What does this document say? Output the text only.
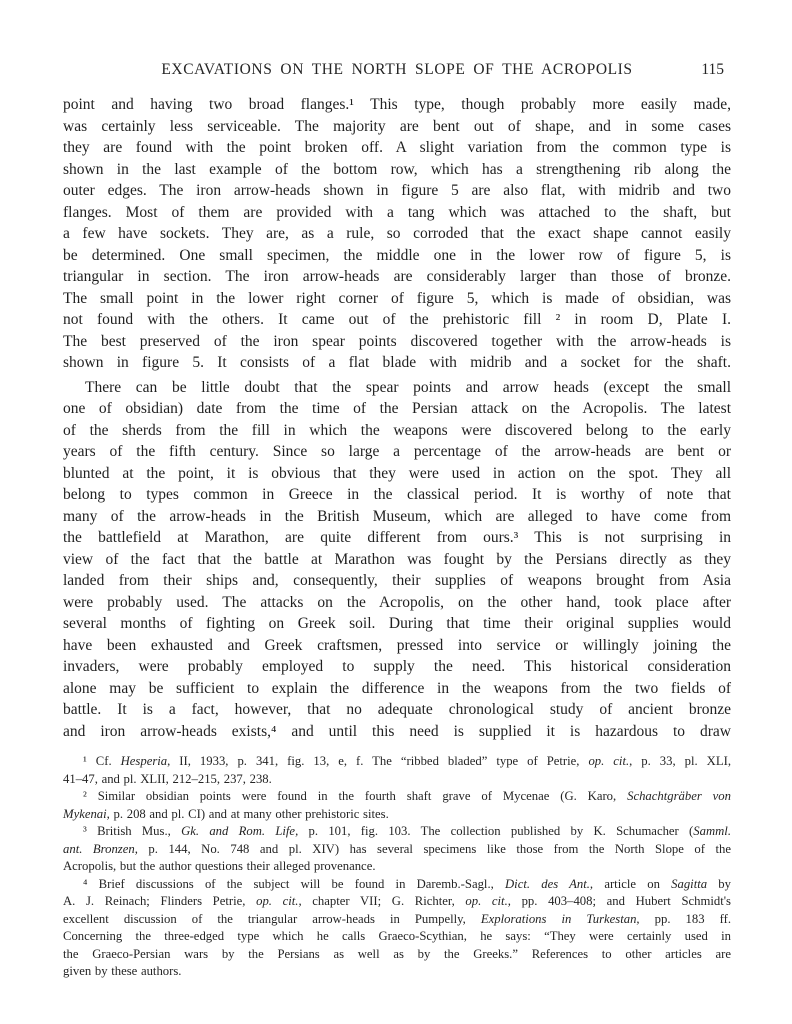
EXCAVATIONS ON THE NORTH SLOPE OF THE ACROPOLIS	115
point and having two broad flanges.¹ This type, though probably more easily made,
was certainly less serviceable. The majority are bent out of shape, and in some cases
they are found with the point broken off. A slight variation from the common type is
shown in the last example of the bottom row, which has a strengthening rib along the
outer edges. The iron arrow-heads shown in figure 5 are also flat, with midrib and two
flanges. Most of them are provided with a tang which was attached to the shaft, but
a few have sockets. They are, as a rule, so corroded that the exact shape cannot easily
be determined. One small specimen, the middle one in the lower row of figure 5, is
triangular in section. The iron arrow-heads are considerably larger than those of bronze.
The small point in the lower right corner of figure 5, which is made of obsidian, was
not found with the others. It came out of the prehistoric fill ² in room D, Plate I.
The best preserved of the iron spear points discovered together with the arrow-heads is
shown in figure 5. It consists of a flat blade with midrib and a socket for the shaft.
There can be little doubt that the spear points and arrow heads (except the small
one of obsidian) date from the time of the Persian attack on the Acropolis. The latest
of the sherds from the fill in which the weapons were discovered belong to the early
years of the fifth century. Since so large a percentage of the arrow-heads are bent or
blunted at the point, it is obvious that they were used in action on the spot. They all
belong to types common in Greece in the classical period. It is worthy of note that
many of the arrow-heads in the British Museum, which are alleged to have come from
the battlefield at Marathon, are quite different from ours.³ This is not surprising in
view of the fact that the battle at Marathon was fought by the Persians directly as they
landed from their ships and, consequently, their supplies of weapons brought from Asia
were probably used. The attacks on the Acropolis, on the other hand, took place after
several months of fighting on Greek soil. During that time their original supplies would
have been exhausted and Greek craftsmen, pressed into service or willingly joining the
invaders, were probably employed to supply the need. This historical consideration
alone may be sufficient to explain the difference in the weapons from the two fields of
battle. It is a fact, however, that no adequate chronological study of ancient bronze
and iron arrow-heads exists,⁴ and until this need is supplied it is hazardous to draw
¹ Cf. Hesperia, II, 1933, p. 341, fig. 13, e, f. The “ribbed bladed” type of Petrie, op. cit., p. 33, pl. XLI,
41–47, and pl. XLII, 212–215, 237, 238.
² Similar obsidian points were found in the fourth shaft grave of Mycenae (G. Karo, Schachtgräber von
Mykenai, p. 208 and pl. CI) and at many other prehistoric sites.
³ British Mus., Gk. and Rom. Life, p. 101, fig. 103. The collection published by K. Schumacher (Samml.
ant. Bronzen, p. 144, No. 748 and pl. XIV) has several specimens like those from the North Slope of the
Acropolis, but the author questions their alleged provenance.
⁴ Brief discussions of the subject will be found in Daremb.-Sagl., Dict. des Ant., article on Sagitta by
A. J. Reinach; Flinders Petrie, op. cit., chapter VII; G. Richter, op. cit., pp. 403–408; and Hubert Schmidt's
excellent discussion of the triangular arrow-heads in Pumpelly, Explorations in Turkestan, pp. 183 ff.
Concerning the three-edged type which he calls Graeco-Scythian, he says: “They were certainly used in
the Graeco-Persian wars by the Persians as well as by the Greeks.” References to other articles are
given by these authors.
